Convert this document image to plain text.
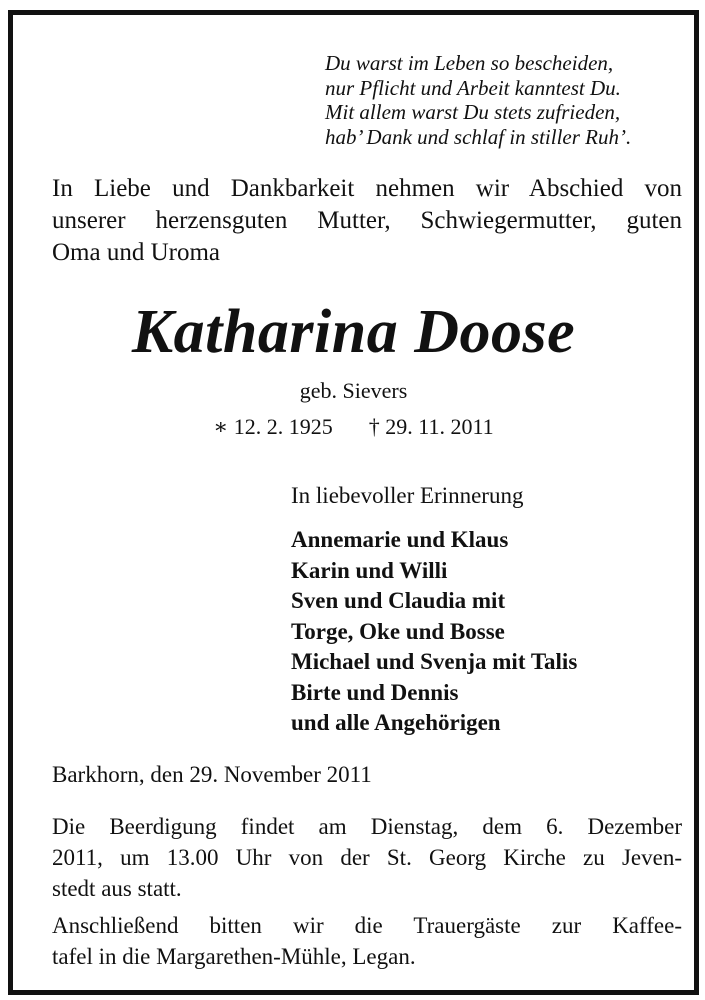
Du warst im Leben so bescheiden,
nur Pflicht und Arbeit kanntest Du.
Mit allem warst Du stets zufrieden,
hab’ Dank und schlaf in stiller Ruh’.
In Liebe und Dankbarkeit nehmen wir Abschied von
unserer herzensguten Mutter, Schwiegermutter, guten
Oma und Uroma
Katharina Doose
geb. Sievers
∗ 12. 2. 1925 † 29. 11. 2011
In liebevoller Erinnerung
Annemarie und Klaus
Karin und Willi
Sven und Claudia mit
Torge, Oke und Bosse
Michael und Svenja mit Talis
Birte und Dennis
und alle Angehörigen
Barkhorn, den 29. November 2011
Die Beerdigung findet am Dienstag, dem 6. Dezember
2011, um 13.00 Uhr von der St. Georg Kirche zu Jeven-
stedt aus statt.
Anschließend bitten wir die Trauergäste zur Kaffee-
tafel in die Margarethen-Mühle, Legan.
